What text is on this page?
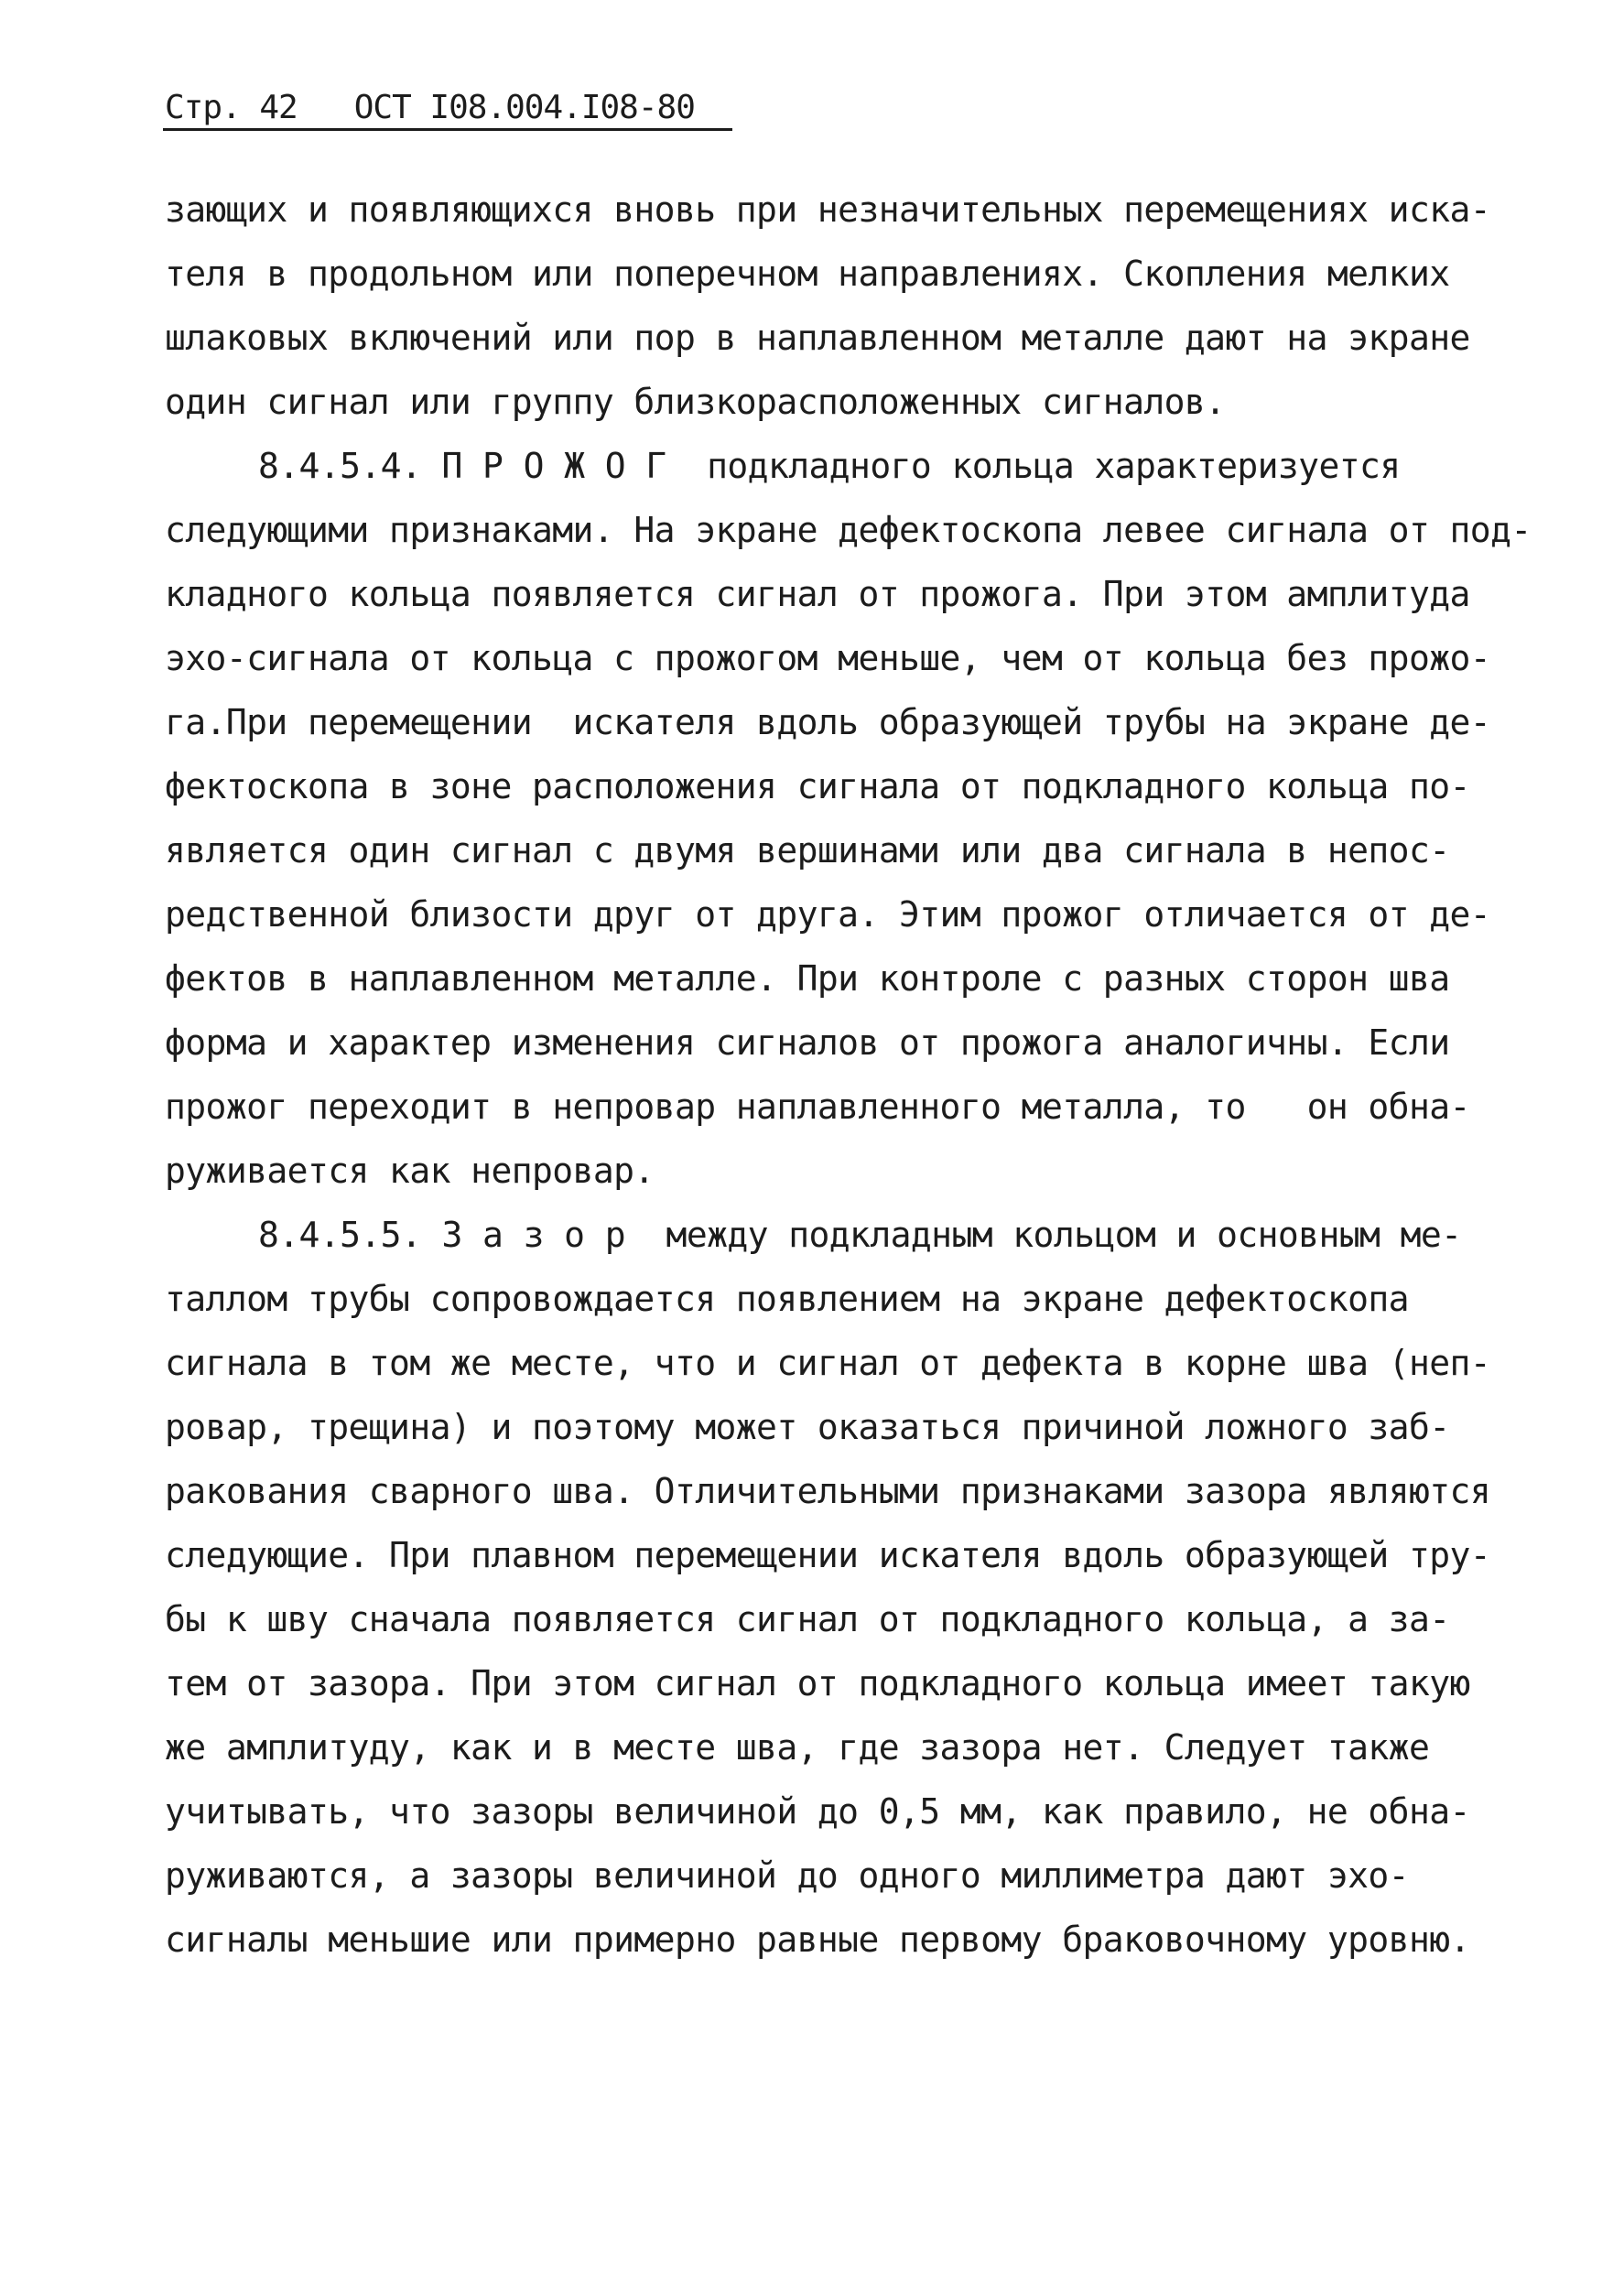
Стр. 42   ОСТ I08.004.I08-80
зающих и появляющихся вновь при незначительных перемещениях иска-
теля в продольном или поперечном направлениях. Скопления мелких
шлаковых включений или пор в наплавленном металле дают на экране
один сигнал или группу близкорасположенных сигналов.
8.4.5.4. П Р О Ж О Г  подкладного кольца характеризуется
следующими признаками. На экране дефектоскопа левее сигнала от под-
кладного кольца появляется сигнал от прожога. При этом амплитуда
эхо-сигнала от кольца с прожогом меньше, чем от кольца без прожо-
га.При перемещении  искателя вдоль образующей трубы на экране де-
фектоскопа в зоне расположения сигнала от подкладного кольца по-
является один сигнал с двумя вершинами или два сигнала в непос-
редственной близости друг от друга. Этим прожог отличается от де-
фектов в наплавленном металле. При контроле с разных сторон шва
форма и характер изменения сигналов от прожога аналогичны. Если
прожог переходит в непровар наплавленного металла, то   он обна-
руживается как непровар.
8.4.5.5. З а з о р  между подкладным кольцом и основным ме-
таллом трубы сопровождается появлением на экране дефектоскопа
сигнала в том же месте, что и сигнал от дефекта в корне шва (неп-
ровар, трещина) и поэтому может оказаться причиной ложного заб-
ракования сварного шва. Отличительными признаками зазора являются
следующие. При плавном перемещении искателя вдоль образующей тру-
бы к шву сначала появляется сигнал от подкладного кольца, а за-
тем от зазора. При этом сигнал от подкладного кольца имеет такую
же амплитуду, как и в месте шва, где зазора нет. Следует также
учитывать, что зазоры величиной до 0,5 мм, как правило, не обна-
руживаются, а зазоры величиной до одного миллиметра дают эхо-
сигналы меньшие или примерно равные первому браковочному уровню.
